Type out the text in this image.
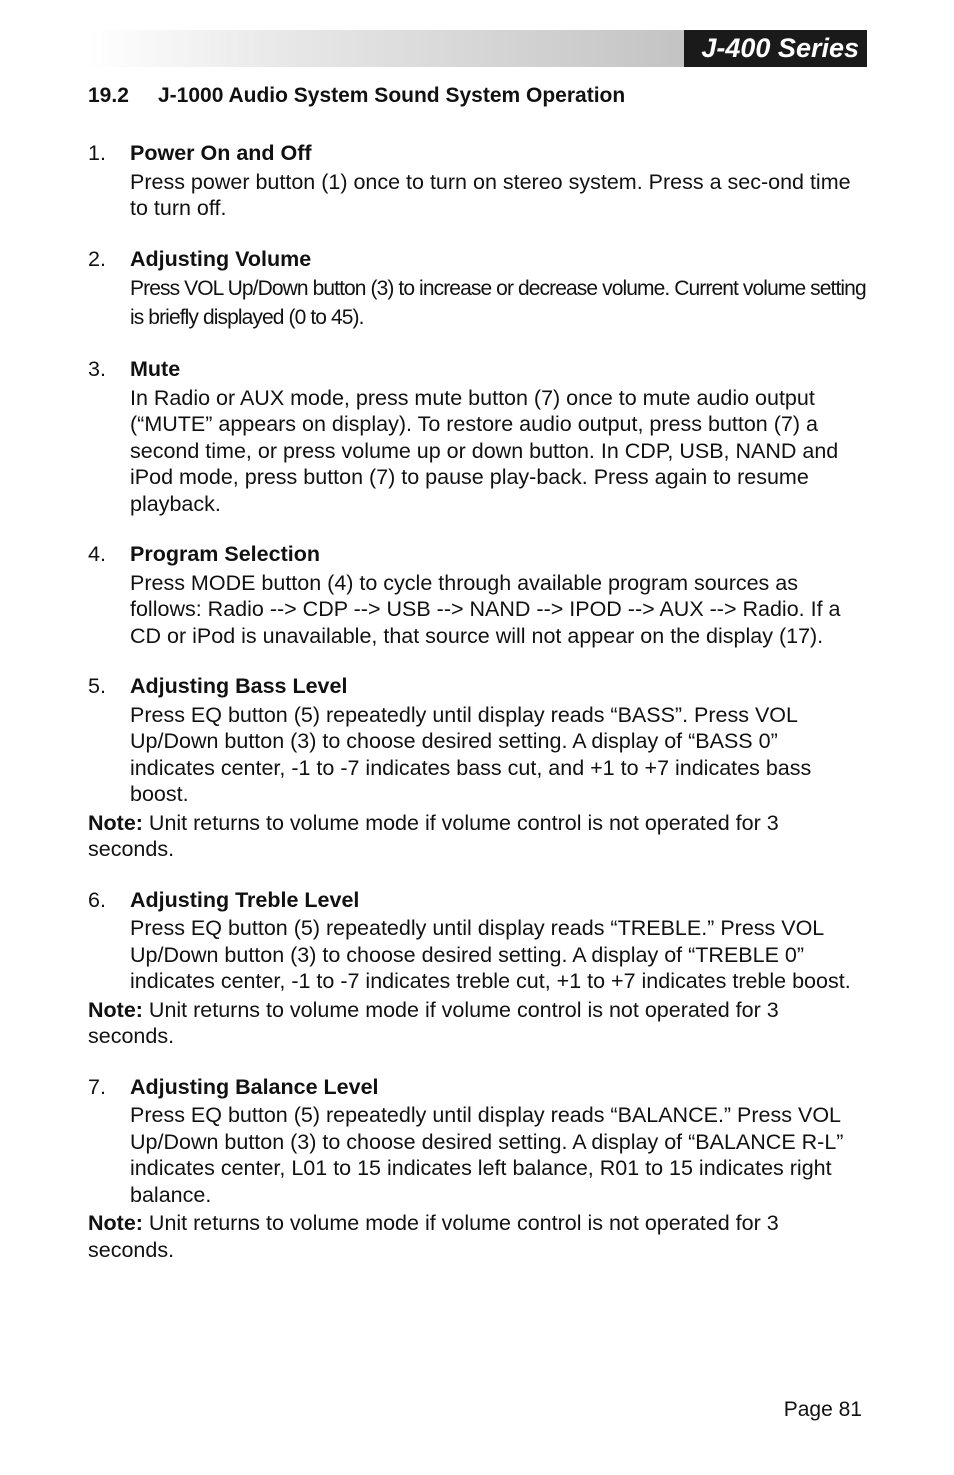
J-400 Series
19.2 J-1000 Audio System Sound System Operation
1. Power On and Off
Press power button (1) once to turn on stereo system. Press a sec-ond time to turn off.
2. Adjusting Volume
Press VOL Up/Down button (3) to increase or decrease volume. Current volume setting is briefly displayed (0 to 45).
3. Mute
In Radio or AUX mode, press mute button (7) once to mute audio output (“MUTE” appears on display). To restore audio output, press button (7) a second time, or press volume up or down button. In CDP, USB, NAND and iPod mode, press button (7) to pause play-back. Press again to resume playback.
4. Program Selection
Press MODE button (4) to cycle through available program sources as follows: Radio --> CDP --> USB --> NAND --> IPOD --> AUX --> Radio. If a CD or iPod is unavailable, that source will not appear on the display (17).
5. Adjusting Bass Level
Press EQ button (5) repeatedly until display reads “BASS”. Press VOL Up/Down button (3) to choose desired setting. A display of “BASS 0” indicates center, -1 to -7 indicates bass cut, and +1 to +7 indicates bass boost.
Note: Unit returns to volume mode if volume control is not operated for 3 seconds.
6. Adjusting Treble Level
Press EQ button (5) repeatedly until display reads “TREBLE.” Press VOL Up/Down button (3) to choose desired setting. A display of “TREBLE 0” indicates center, -1 to -7 indicates treble cut, +1 to +7 indicates treble boost.
Note: Unit returns to volume mode if volume control is not operated for 3 seconds.
7. Adjusting Balance Level
Press EQ button (5) repeatedly until display reads “BALANCE.” Press VOL Up/Down button (3) to choose desired setting. A display of “BALANCE R-L” indicates center, L01 to 15 indicates left balance, R01 to 15 indicates right balance.
Note: Unit returns to volume mode if volume control is not operated for 3 seconds.
Page 81
